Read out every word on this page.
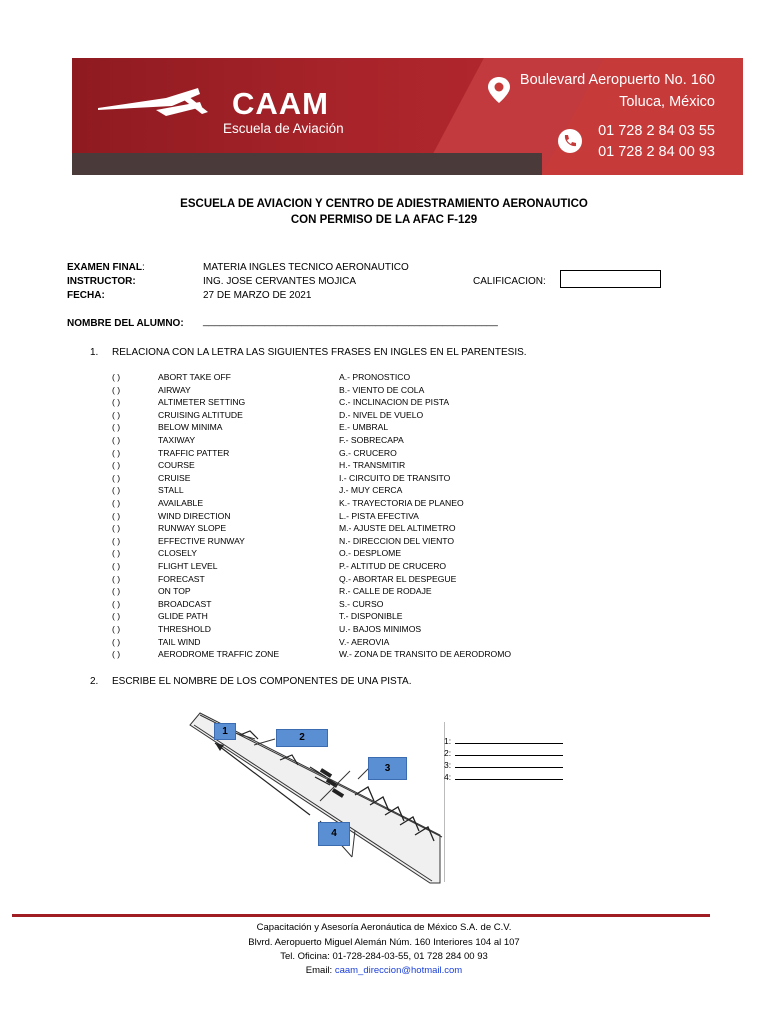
CAAM
Escuela de Aviación
Boulevard Aeropuerto No. 160
Toluca, México
01 728 2 84 03 55
01 728 2 84 00 93
ESCUELA DE AVIACION Y CENTRO DE ADIESTRAMIENTO AERONAUTICO
CON PERMISO DE LA AFAC F-129
EXAMEN FINAL:	MATERIA INGLES TECNICO AERONAUTICO
INSTRUCTOR:	ING. JOSE CERVANTES MOJICA
FECHA:	27 DE MARZO DE 2021
CALIFICACION:
NOMBRE DEL ALUMNO: _____________________________________________________
1. RELACIONA CON LA LETRA LAS SIGUIENTES FRASES EN INGLES EN EL PARENTESIS.
( )	ABORT TAKE OFF	A.- PRONOSTICO
( )	AIRWAY	B.- VIENTO DE COLA
( )	ALTIMETER SETTING	C.- INCLINACION DE PISTA
( )	CRUISING ALTITUDE	D.- NIVEL DE VUELO
( )	BELOW MINIMA	E.- UMBRAL
( )	TAXIWAY	F.- SOBRECAPA
( )	TRAFFIC PATTER	G.- CRUCERO
( )	COURSE	H.- TRANSMITIR
( )	CRUISE	I.- CIRCUITO DE TRANSITO
( )	STALL	J.- MUY CERCA
( )	AVAILABLE	K.- TRAYECTORIA DE PLANEO
( )	WIND DIRECTION	L.- PISTA EFECTIVA
( )	RUNWAY SLOPE	M.- AJUSTE DEL ALTIMETRO
( )	EFFECTIVE RUNWAY	N.- DIRECCION DEL VIENTO
( )	CLOSELY	O.- DESPLOME
( )	FLIGHT LEVEL	P.- ALTITUD DE CRUCERO
( )	FORECAST	Q.- ABORTAR EL DESPEGUE
( )	ON TOP	R.- CALLE DE RODAJE
( )	BROADCAST	S.- CURSO
( )	GLIDE PATH	T.- DISPONIBLE
( )	THRESHOLD	U.- BAJOS MINIMOS
( )	TAIL WIND	V.- AEROVIA
( )	AERODROME TRAFFIC ZONE	W.- ZONA DE TRANSITO DE AERODROMO
2. ESCRIBE EL NOMBRE DE LOS COMPONENTES DE UNA PISTA.
1
2
3
4
1:
2:
3:
4:
Capacitación y Asesoría Aeronáutica de México S.A. de C.V.
Blvrd. Aeropuerto Miguel Alemán Núm. 160 Interiores 104 al 107
Tel. Oficina: 01-728-284-03-55, 01 728 284 00 93
Email: caam_direccion@hotmail.com
